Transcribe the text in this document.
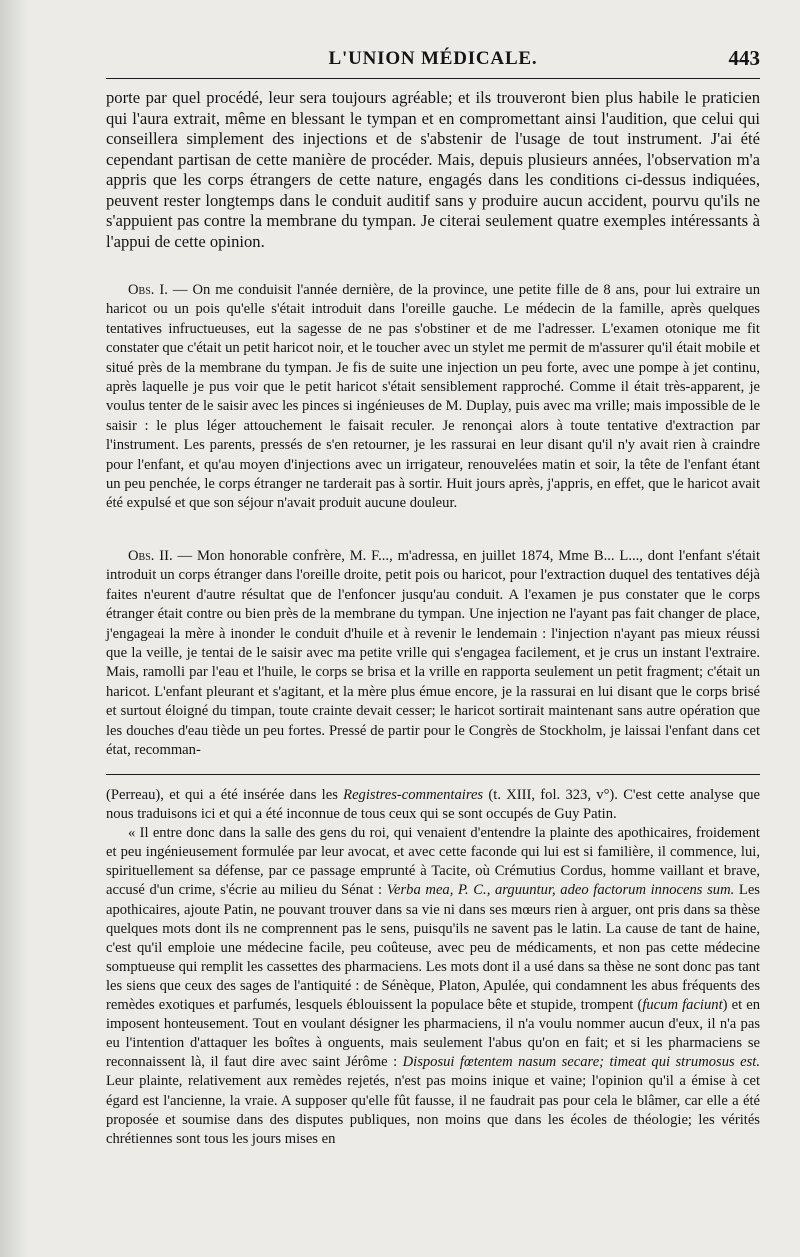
L'UNION MÉDICALE.	443

porte par quel procédé, leur sera toujours agréable; et ils trouveront bien plus habile le praticien qui l'aura extrait, même en blessant le tympan et en compromettant ainsi l'audition, que celui qui conseillera simplement des injections et de s'abstenir de l'usage de tout instrument. J'ai été cependant partisan de cette manière de procéder. Mais, depuis plusieurs années, l'observation m'a appris que les corps étrangers de cette nature, engagés dans les conditions ci-dessus indiquées, peuvent rester longtemps dans le conduit auditif sans y produire aucun accident, pourvu qu'ils ne s'appuient pas contre la membrane du tympan. Je citerai seulement quatre exemples intéressants à l'appui de cette opinion.

Obs. I. — On me conduisit l'année dernière, de la province, une petite fille de 8 ans, pour lui extraire un haricot ou un pois qu'elle s'était introduit dans l'oreille gauche. Le médecin de la famille, après quelques tentatives infructueuses, eut la sagesse de ne pas s'obstiner et de me l'adresser. L'examen otonique me fit constater que c'était un petit haricot noir, et le toucher avec un stylet me permit de m'assurer qu'il était mobile et situé près de la membrane du tympan. Je fis de suite une injection un peu forte, avec une pompe à jet continu, après laquelle je pus voir que le petit haricot s'était sensiblement rapproché. Comme il était très-apparent, je voulus tenter de le saisir avec les pinces si ingénieuses de M. Duplay, puis avec ma vrille; mais impossible de le saisir : le plus léger attouchement le faisait reculer. Je renonçai alors à toute tentative d'extraction par l'instrument. Les parents, pressés de s'en retourner, je les rassurai en leur disant qu'il n'y avait rien à craindre pour l'enfant, et qu'au moyen d'injections avec un irrigateur, renouvelées matin et soir, la tête de l'enfant étant un peu penchée, le corps étranger ne tarderait pas à sortir. Huit jours après, j'appris, en effet, que le haricot avait été expulsé et que son séjour n'avait produit aucune douleur.

Obs. II. — Mon honorable confrère, M. F..., m'adressa, en juillet 1874, Mme B... L..., dont l'enfant s'était introduit un corps étranger dans l'oreille droite, petit pois ou haricot, pour l'extraction duquel des tentatives déjà faites n'eurent d'autre résultat que de l'enfoncer jusqu'au conduit. A l'examen je pus constater que le corps étranger était contre ou bien près de la membrane du tympan. Une injection ne l'ayant pas fait changer de place, j'engageai la mère à inonder le conduit d'huile et à revenir le lendemain : l'injection n'ayant pas mieux réussi que la veille, je tentai de le saisir avec ma petite vrille qui s'engagea facilement, et je crus un instant l'extraire. Mais, ramolli par l'eau et l'huile, le corps se brisa et la vrille en rapporta seulement un petit fragment; c'était un haricot. L'enfant pleurant et s'agitant, et la mère plus émue encore, je la rassurai en lui disant que le corps brisé et surtout éloigné du timpan, toute crainte devait cesser; le haricot sortirait maintenant sans autre opération que les douches d'eau tiède un peu fortes. Pressé de partir pour le Congrès de Stockholm, je laissai l'enfant dans cet état, recomman-

(Perreau), et qui a été insérée dans les Registres-commentaires (t. XIII, fol. 323, v°). C'est cette analyse que nous traduisons ici et qui a été inconnue de tous ceux qui se sont occupés de Guy Patin.

« Il entre donc dans la salle des gens du roi, qui venaient d'entendre la plainte des apothicaires, froidement et peu ingénieusement formulée par leur avocat, et avec cette faconde qui lui est si familière, il commence, lui, spirituellement sa défense, par ce passage emprunté à Tacite, où Crémutius Cordus, homme vaillant et brave, accusé d'un crime, s'écrie au milieu du Sénat : Verba mea, P. C., arguuntur, adeo factorum innocens sum. Les apothicaires, ajoute Patin, ne pouvant trouver dans sa vie ni dans ses mœurs rien à arguer, ont pris dans sa thèse quelques mots dont ils ne comprennent pas le sens, puisqu'ils ne savent pas le latin. La cause de tant de haine, c'est qu'il emploie une médecine facile, peu coûteuse, avec peu de médicaments, et non pas cette médecine somptueuse qui remplit les cassettes des pharmaciens. Les mots dont il a usé dans sa thèse ne sont donc pas tant les siens que ceux des sages de l'antiquité : de Sénèque, Platon, Apulée, qui condamnent les abus fréquents des remèdes exotiques et parfumés, lesquels éblouissent la populace bête et stupide, trompent (fucum faciunt) et en imposent honteusement. Tout en voulant désigner les pharmaciens, il n'a voulu nommer aucun d'eux, il n'a pas eu l'intention d'attaquer les boîtes à onguents, mais seulement l'abus qu'on en fait; et si les pharmaciens se reconnaissent là, il faut dire avec saint Jérôme : Disposui fœtentem nasum secare; timeat qui strumosus est. Leur plainte, relativement aux remèdes rejetés, n'est pas moins inique et vaine; l'opinion qu'il a émise à cet égard est l'ancienne, la vraie. A supposer qu'elle fût fausse, il ne faudrait pas pour cela le blâmer, car elle a été proposée et soumise dans des disputes publiques, non moins que dans les écoles de théologie; les vérités chrétiennes sont tous les jours mises en
